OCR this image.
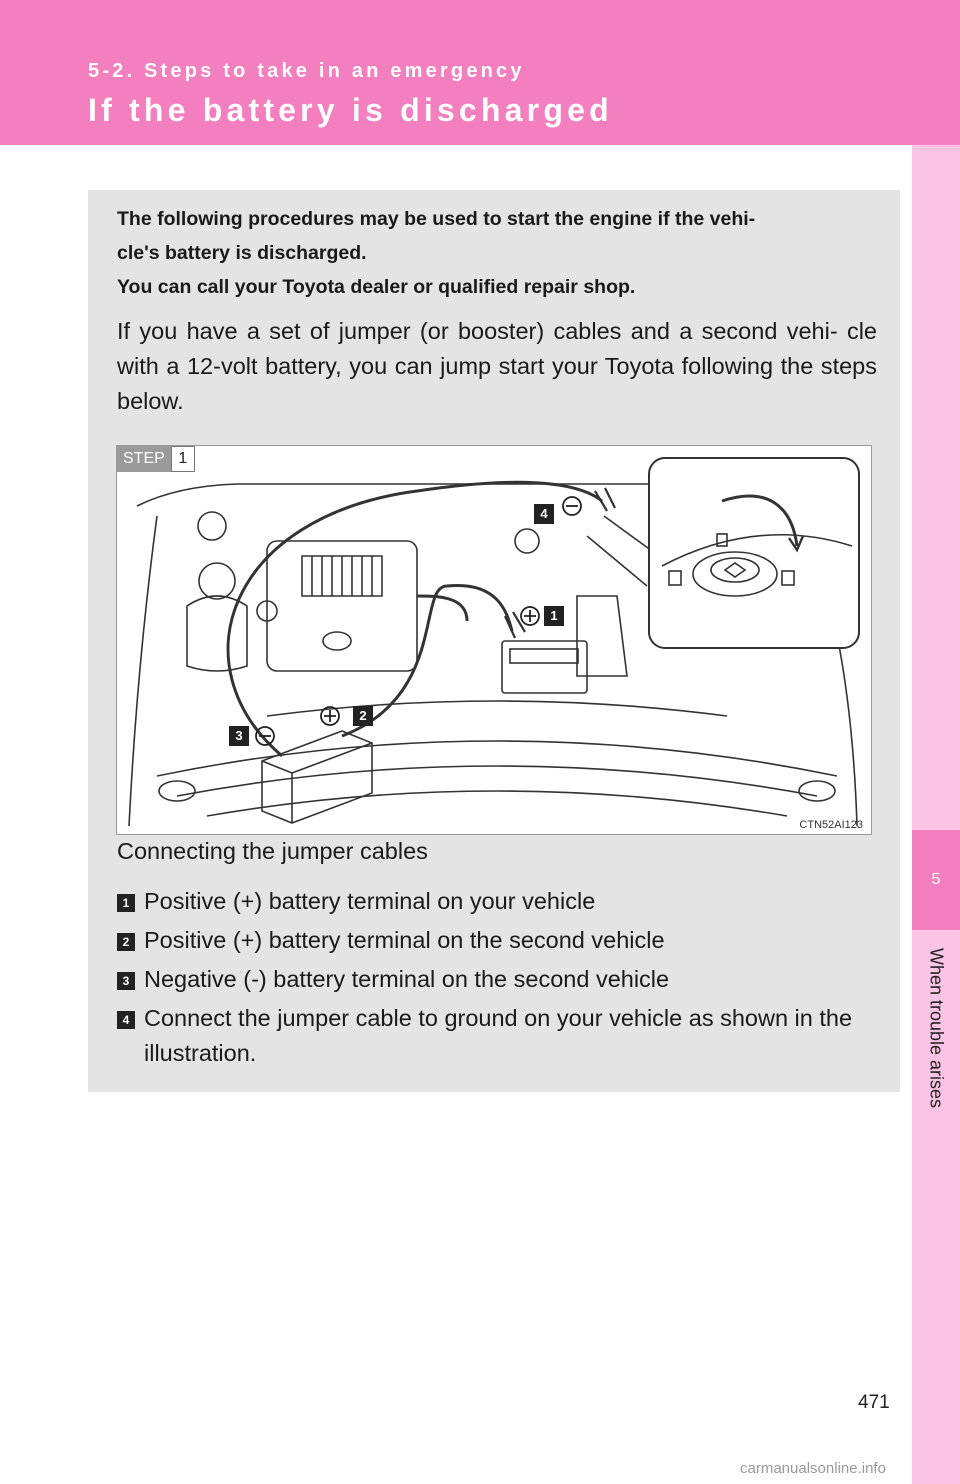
5-2. Steps to take in an emergency
If the battery is discharged
5
When trouble arises
The following procedures may be used to start the engine if the vehi-
cle's battery is discharged.
You can call your Toyota dealer or qualified repair shop.
If you have a set of jumper (or booster) cables and a second vehi- cle with a 12-volt battery, you can jump start your Toyota following the steps below.
STEP 1
4
1
2
3
CTN52AI123
Connecting the jumper cables
1 Positive (+) battery terminal on your vehicle
2 Positive (+) battery terminal on the second vehicle
3 Negative (-) battery terminal on the second vehicle
4 Connect the jumper cable to ground on your vehicle as shown in the illustration.
471
carmanualsonline.info
